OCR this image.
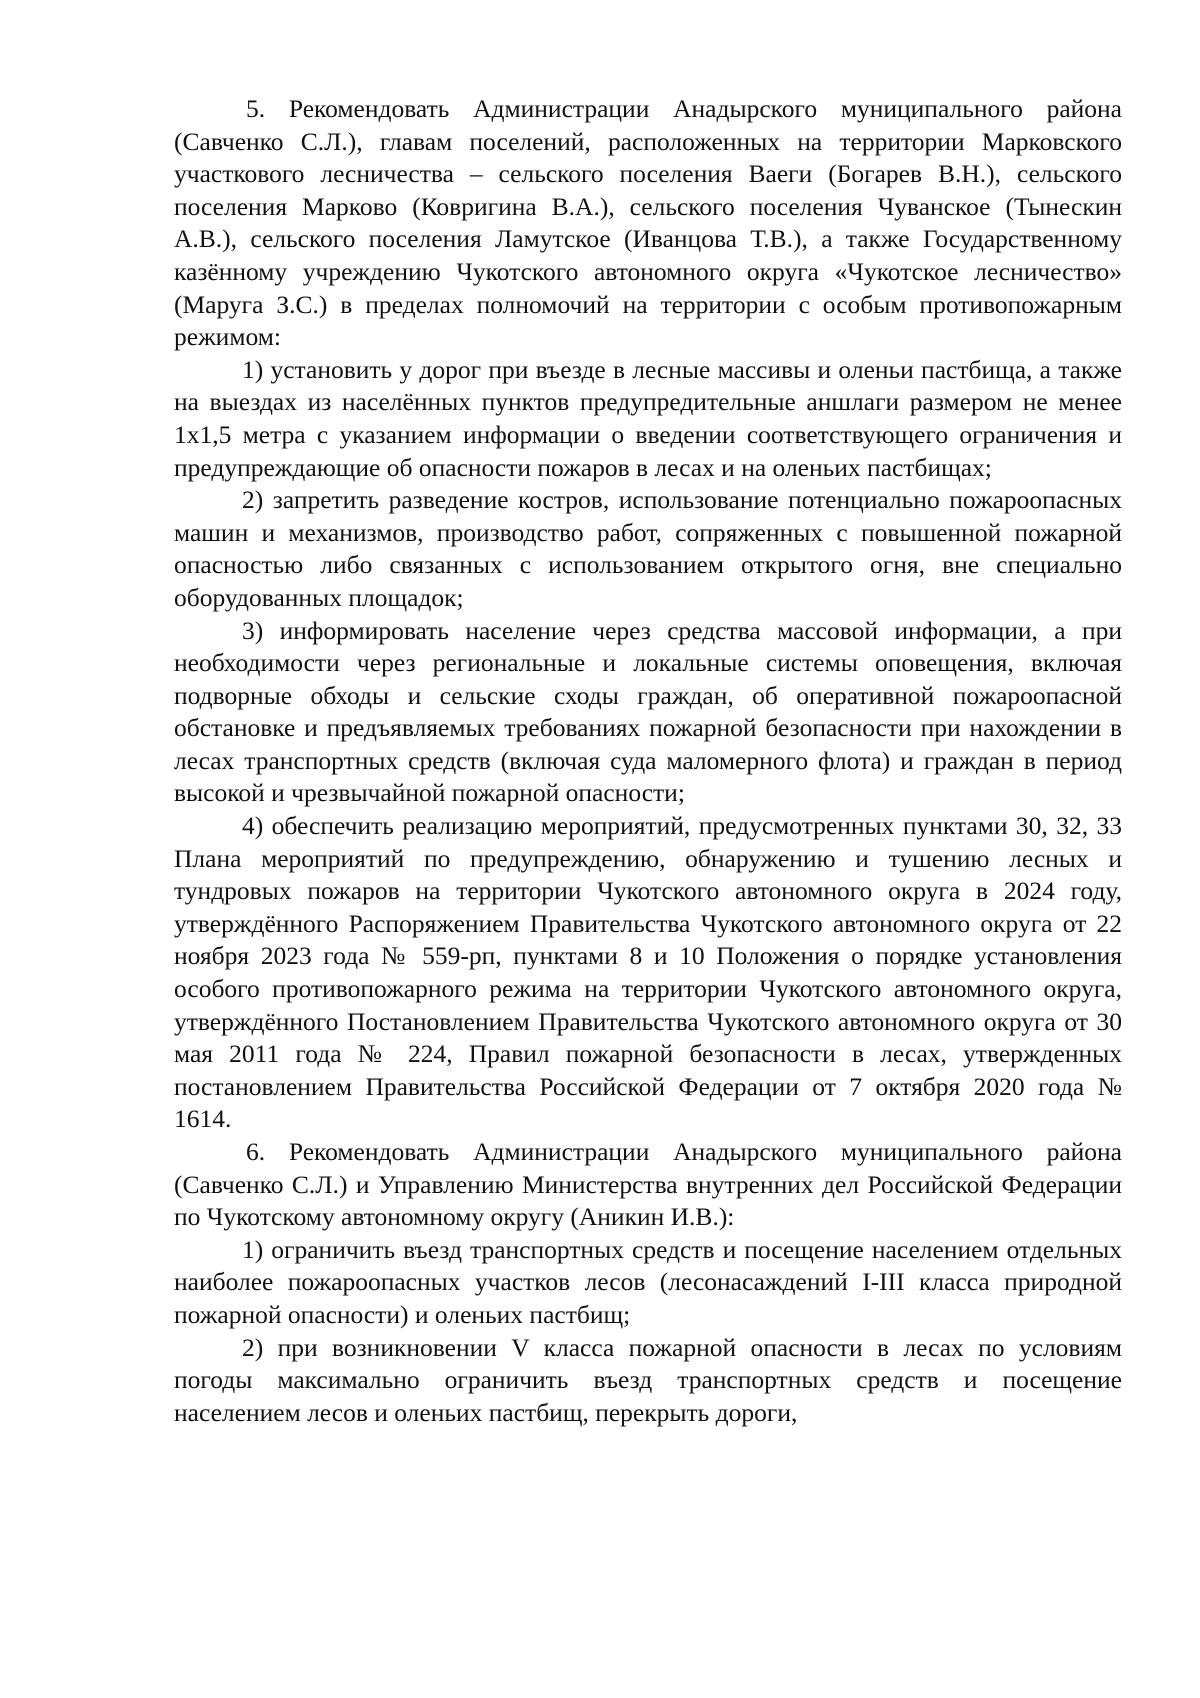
5. Рекомендовать Администрации Анадырского муниципального района (Савченко С.Л.), главам поселений, расположенных на территории Марковского участкового лесничества – сельского поселения Ваеги (Богарев В.Н.), сельского поселения Марково (Ковригина В.А.), сельского поселения Чуванское (Тынескин А.В.), сельского поселения Ламутское (Иванцова Т.В.), а также Государственному казённому учреждению Чукотского автономного округа «Чукотское лесничество» (Маруга З.С.) в пределах полномочий на территории с особым противопожарным режимом:

1) установить у дорог при въезде в лесные массивы и оленьи пастбища, а также на выездах из населённых пунктов предупредительные аншлаги размером не менее 1х1,5 метра с указанием информации о введении соответствующего ограничения и предупреждающие об опасности пожаров в лесах и на оленьих пастбищах;

2) запретить разведение костров, использование потенциально пожароопасных машин и механизмов, производство работ, сопряженных с повышенной пожарной опасностью либо связанных с использованием открытого огня, вне специально оборудованных площадок;

3) информировать население через средства массовой информации, а при необходимости через региональные и локальные системы оповещения, включая подворные обходы и сельские сходы граждан, об оперативной пожароопасной обстановке и предъявляемых требованиях пожарной безопасности при нахождении в лесах транспортных средств (включая суда маломерного флота) и граждан в период высокой и чрезвычайной пожарной опасности;

4) обеспечить реализацию мероприятий, предусмотренных пунктами 30, 32, 33 Плана мероприятий по предупреждению, обнаружению и тушению лесных и тундровых пожаров на территории Чукотского автономного округа в 2024 году, утверждённого Распоряжением Правительства Чукотского автономного округа от 22 ноября 2023 года № 559-рп, пунктами 8 и 10 Положения о порядке установления особого противопожарного режима на территории Чукотского автономного округа, утверждённого Постановлением Правительства Чукотского автономного округа от 30 мая 2011 года № 224, Правил пожарной безопасности в лесах, утвержденных постановлением Правительства Российской Федерации от 7 октября 2020 года № 1614.

6. Рекомендовать Администрации Анадырского муниципального района (Савченко С.Л.) и Управлению Министерства внутренних дел Российской Федерации по Чукотскому автономному округу (Аникин И.В.):

1) ограничить въезд транспортных средств и посещение населением отдельных наиболее пожароопасных участков лесов (лесонасаждений I-III класса природной пожарной опасности) и оленьих пастбищ;

2) при возникновении V класса пожарной опасности в лесах по условиям погоды максимально ограничить въезд транспортных средств и посещение населением лесов и оленьих пастбищ, перекрыть дороги,
